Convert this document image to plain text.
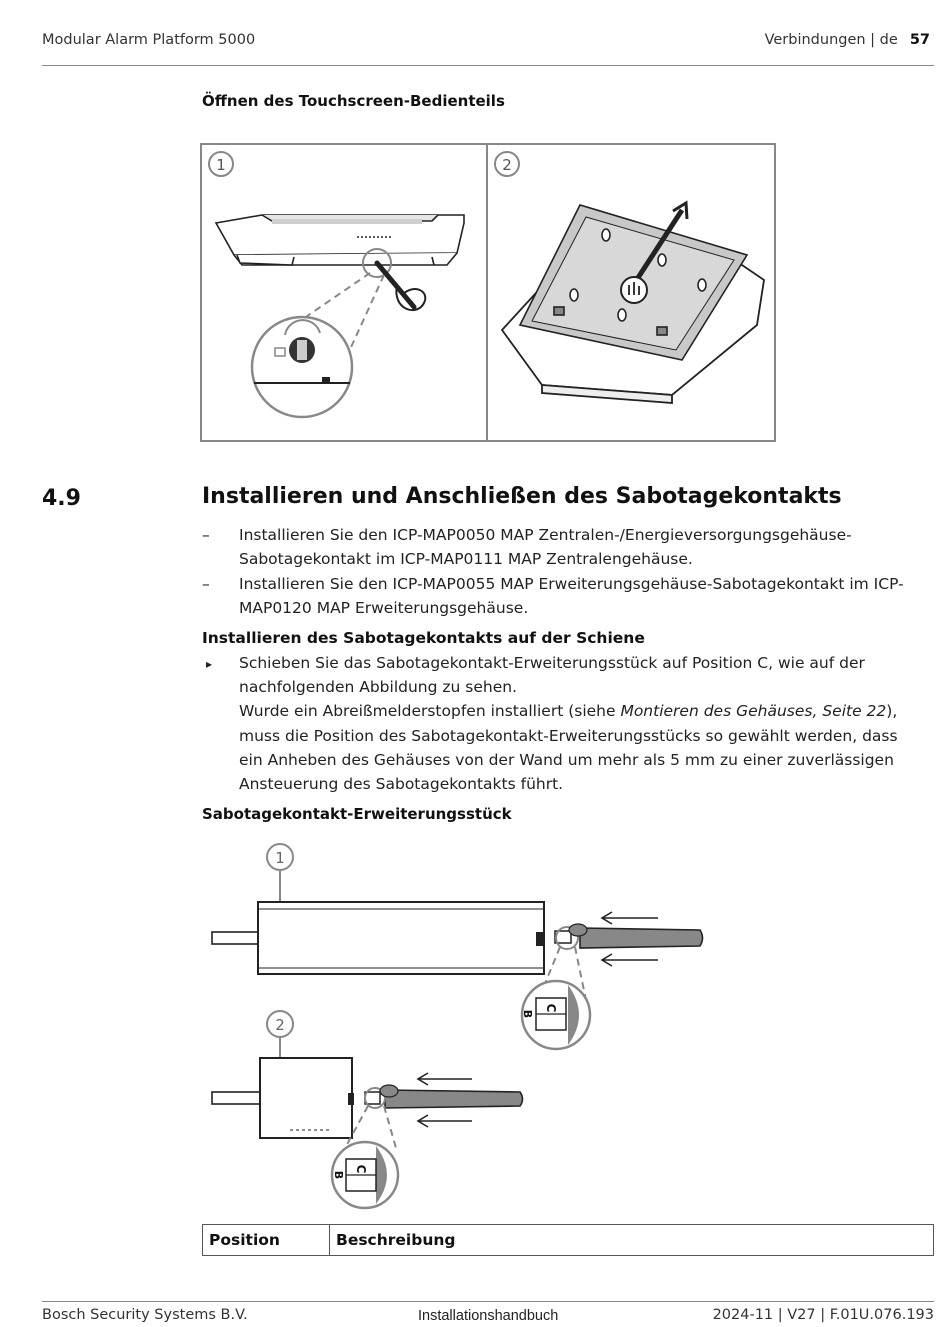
Modular Alarm Platform 5000	Verbindungen | de 57
Öffnen des Touchscreen-Bedienteils
1	2
4.9	Installieren und Anschließen des Sabotagekontakts
– Installieren Sie den ICP-MAP0050 MAP Zentralen-/Energieversorgungsgehäuse-Sabotagekontakt im ICP-MAP0111 MAP Zentralengehäuse.
– Installieren Sie den ICP-MAP0055 MAP Erweiterungsgehäuse-Sabotagekontakt im ICP-MAP0120 MAP Erweiterungsgehäuse.
Installieren des Sabotagekontakts auf der Schiene
▸ Schieben Sie das Sabotagekontakt-Erweiterungsstück auf Position C, wie auf der nachfolgenden Abbildung zu sehen.
Wurde ein Abreißmelderstopfen installiert (siehe Montieren des Gehäuses, Seite 22), muss die Position des Sabotagekontakt-Erweiterungsstücks so gewählt werden, dass ein Anheben des Gehäuses von der Wand um mehr als 5 mm zu einer zuverlässigen Ansteuerung des Sabotagekontakts führt.
Sabotagekontakt-Erweiterungsstück
1
C
B
2
C
B
Position	Beschreibung
Bosch Security Systems B.V.	Installationshandbuch	2024-11 | V27 | F.01U.076.193
